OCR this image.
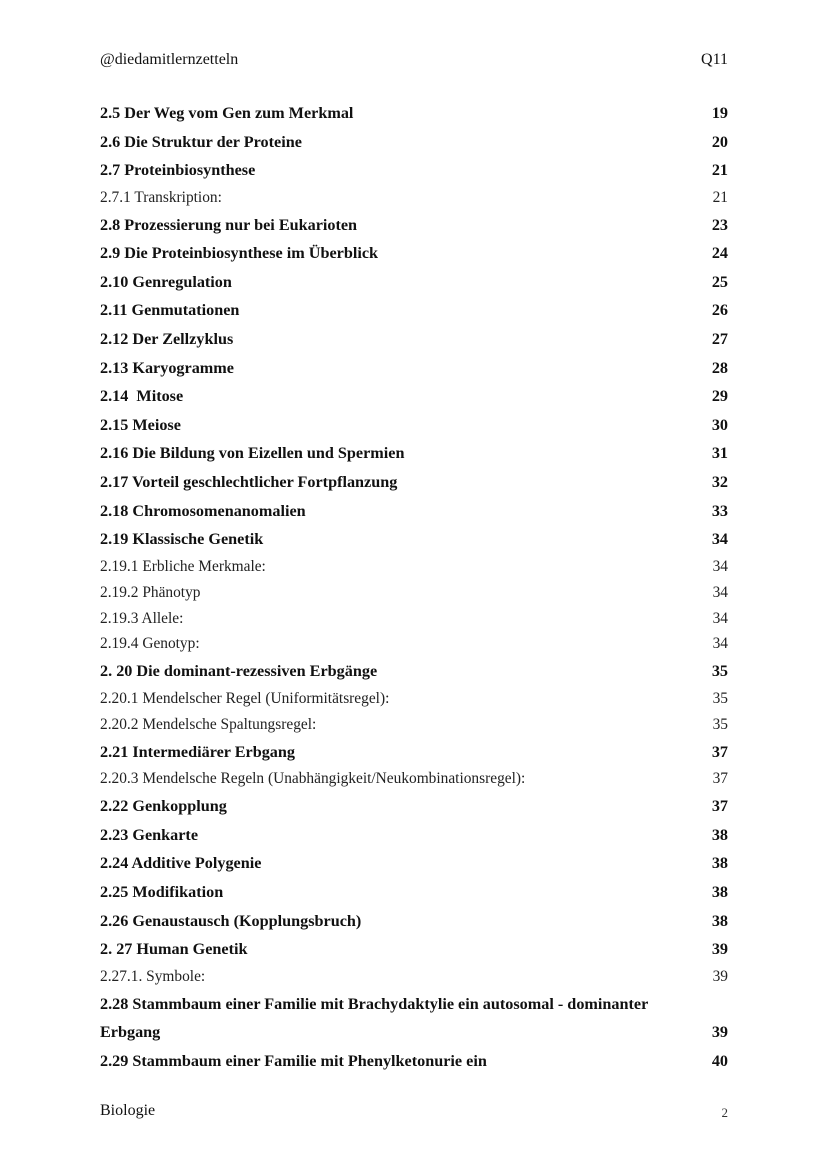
@diedamitlernzetteln	Q11
2.5 Der Weg vom Gen zum Merkmal	19
2.6 Die Struktur der Proteine	20
2.7 Proteinbiosynthese	21
2.7.1 Transkription:	21
2.8 Prozessierung nur bei Eukarioten	23
2.9 Die Proteinbiosynthese im Überblick	24
2.10 Genregulation	25
2.11 Genmutationen	26
2.12 Der Zellzyklus	27
2.13 Karyogramme	28
2.14  Mitose	29
2.15 Meiose	30
2.16 Die Bildung von Eizellen und Spermien	31
2.17 Vorteil geschlechtlicher Fortpflanzung	32
2.18 Chromosomenanomalien	33
2.19 Klassische Genetik	34
2.19.1 Erbliche Merkmale:	34
2.19.2 Phänotyp	34
2.19.3 Allele:	34
2.19.4 Genotyp:	34
2. 20 Die dominant-rezessiven Erbgänge	35
2.20.1 Mendelscher Regel (Uniformitätsregel):	35
2.20.2 Mendelsche Spaltungsregel:	35
2.21 Intermediärer Erbgang	37
2.20.3 Mendelsche Regeln (Unabhängigkeit/Neukombinationsregel):	37
2.22 Genkopplung	37
2.23 Genkarte	38
2.24 Additive Polygenie	38
2.25 Modifikation	38
2.26 Genaustausch (Kopplungsbruch)	38
2. 27 Human Genetik	39
2.27.1. Symbole:	39
2.28 Stammbaum einer Familie mit Brachydaktylie ein autosomal - dominanter Erbgang	39
2.29 Stammbaum einer Familie mit Phenylketonurie ein	40
Biologie	2
